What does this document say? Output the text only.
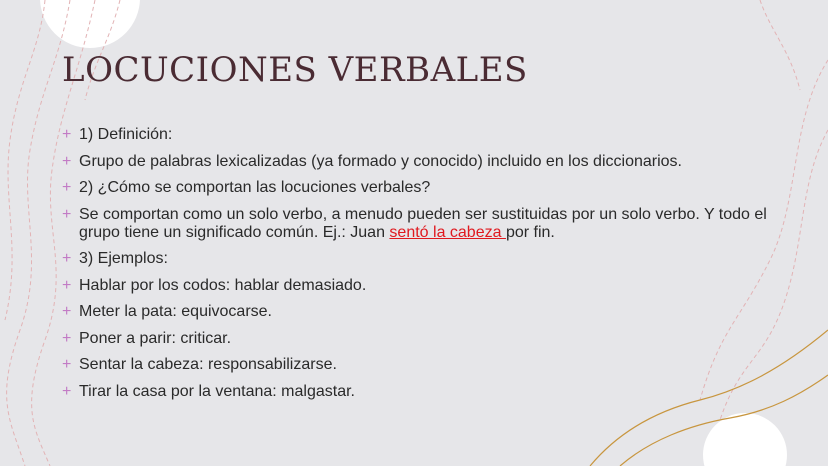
LOCUCIONES VERBALES
+ 1) Definición:
+ Grupo de palabras lexicalizadas (ya formado y conocido) incluido en los diccionarios.
+ 2) ¿Cómo se comportan las locuciones verbales?
+ Se comportan como un solo verbo, a menudo pueden ser sustituidas por un solo verbo. Y todo el grupo tiene un significado común. Ej.: Juan sentó la cabeza por fin.
+ 3) Ejemplos:
+ Hablar por los codos: hablar demasiado.
+ Meter la pata: equivocarse.
+ Poner a parir: criticar.
+ Sentar la cabeza: responsabilizarse.
+ Tirar la casa por la ventana: malgastar.
